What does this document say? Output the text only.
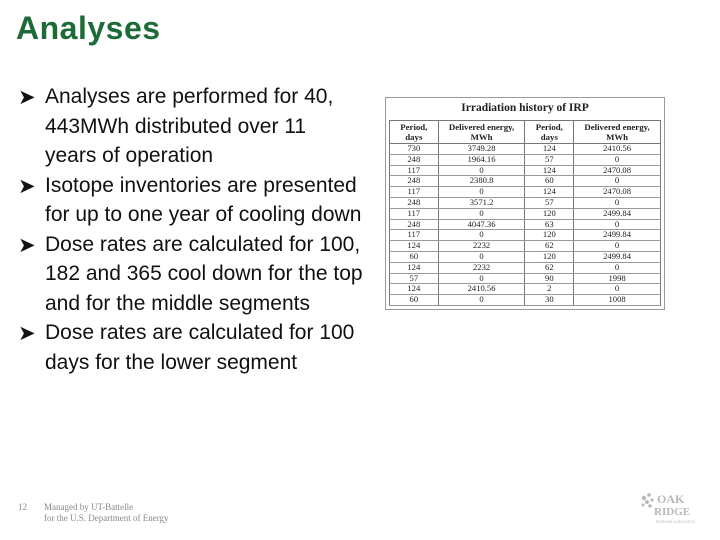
Analyses
➤ Analyses are performed for 40, 443MWh distributed over 11 years of operation
➤ Isotope inventories are presented for up to one year of cooling down
➤ Dose rates are calculated for 100, 182 and 365 cool down for the top and for the middle segments
➤ Dose rates are calculated for 100 days for the lower segment
Irradiation history of IRP
Period, days	Delivered energy, MWh	Period, days	Delivered energy, MWh
730	3749.28	124	2410.56
248	1964.16	57	0
117	0	124	2470.08
248	2380.8	60	0
117	0	124	2470.08
248	3571.2	57	0
117	0	120	2499.84
248	4047.36	63	0
117	0	120	2499.84
124	2232	62	0
60	0	120	2499.84
124	2232	62	0
57	0	90	1998
124	2410.56	2	0
60	0	30	1008
12 Managed by UT-Battelle
for the U.S. Department of Energy
OAK
RIDGE
National Laboratory
